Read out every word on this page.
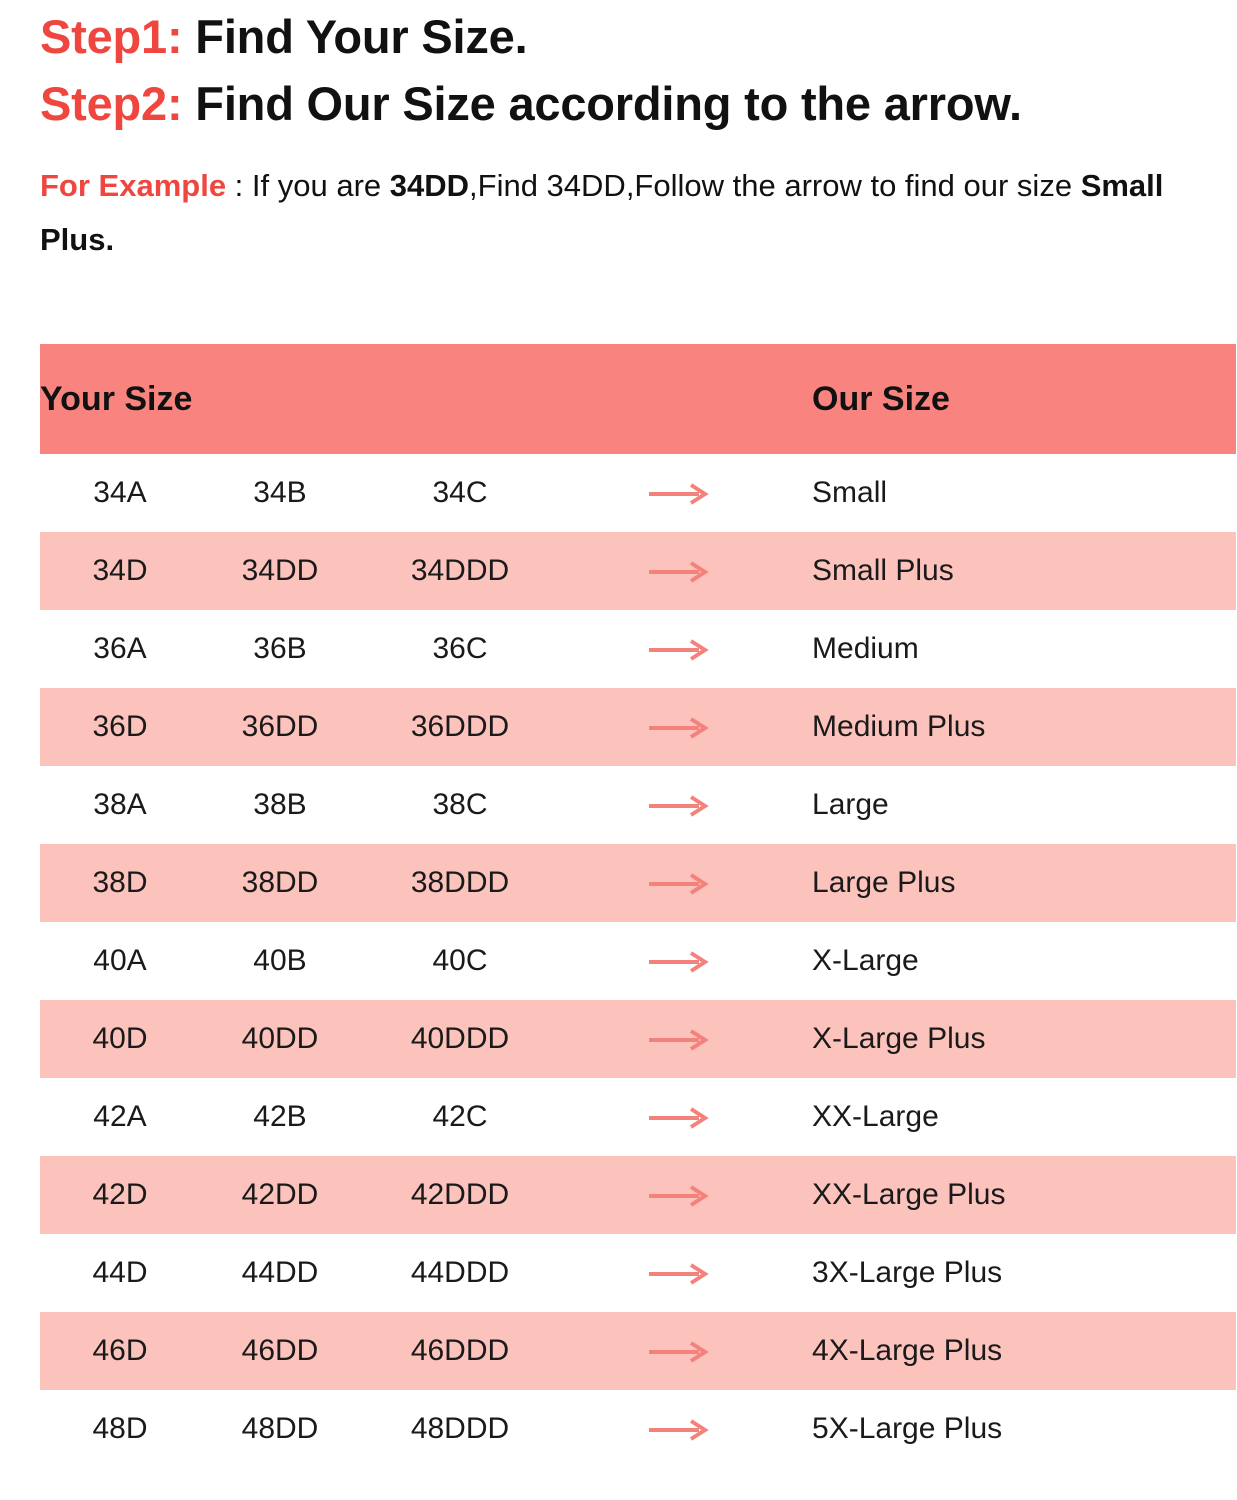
Step1: Find Your Size.
Step2: Find Our Size according to the arrow.
For Example : If you are 34DD,Find 34DD,Follow the arrow to find our size Small Plus.
Your Size				Our Size
34A	34B	34C		Small
34D	34DD	34DDD		Small Plus
36A	36B	36C		Medium
36D	36DD	36DDD		Medium Plus
38A	38B	38C		Large
38D	38DD	38DDD		Large Plus
40A	40B	40C		X-Large
40D	40DD	40DDD		X-Large Plus
42A	42B	42C		XX-Large
42D	42DD	42DDD		XX-Large Plus
44D	44DD	44DDD		3X-Large Plus
46D	46DD	46DDD		4X-Large Plus
48D	48DD	48DDD		5X-Large Plus
